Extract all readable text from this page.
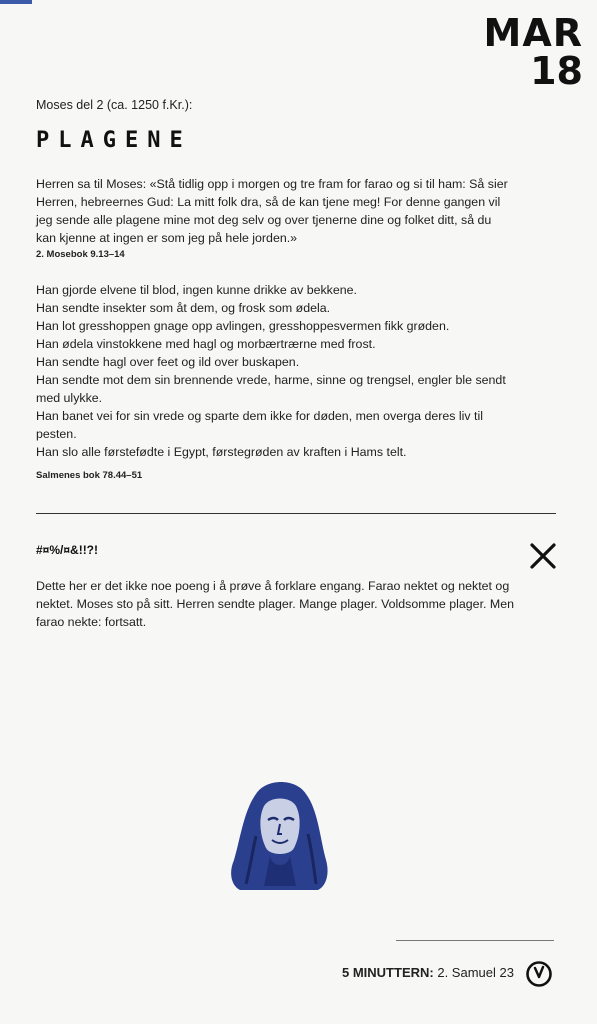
MAR
18
Moses del 2 (ca. 1250 f.Kr.):
PLAGENE

Herren sa til Moses: «Stå tidlig opp i morgen og tre fram for farao og si til ham: Så sier Herren, hebreernes Gud: La mitt folk dra, så de kan tjene meg! For denne gangen vil jeg sende alle plagene mine mot deg selv og over tjenerne dine og folket ditt, så du kan kjenne at ingen er som jeg på hele jorden.»

2. Mosebok 9.13–14
Han gjorde elvene til blod, ingen kunne drikke av bekkene.
Han sendte insekter som åt dem, og frosk som ødela.
Han lot gresshoppen gnage opp avlingen, gresshoppesvermen fikk grøden.
Han ødela vinstokkene med hagl og morbærtrærne med frost.
Han sendte hagl over feet og ild over buskapen.
Han sendte mot dem sin brennende vrede, harme, sinne og trengsel, engler ble sendt med ulykke.
Han banet vei for sin vrede og sparte dem ikke for døden, men overga deres liv til pesten.
Han slo alle førstefødte i Egypt, førstegrøden av kraften i Hams telt.
Salmenes bok 78.44–51
#¤%/¤&!!?!

Dette her er det ikke noe poeng i å prøve å forklare engang. Farao nektet og nektet og nektet. Moses sto på sitt. Herren sendte plager. Mange plager. Voldsomme plager. Men farao nekte: fortsatt.

5 MINUTTERN: 2. Samuel 23
